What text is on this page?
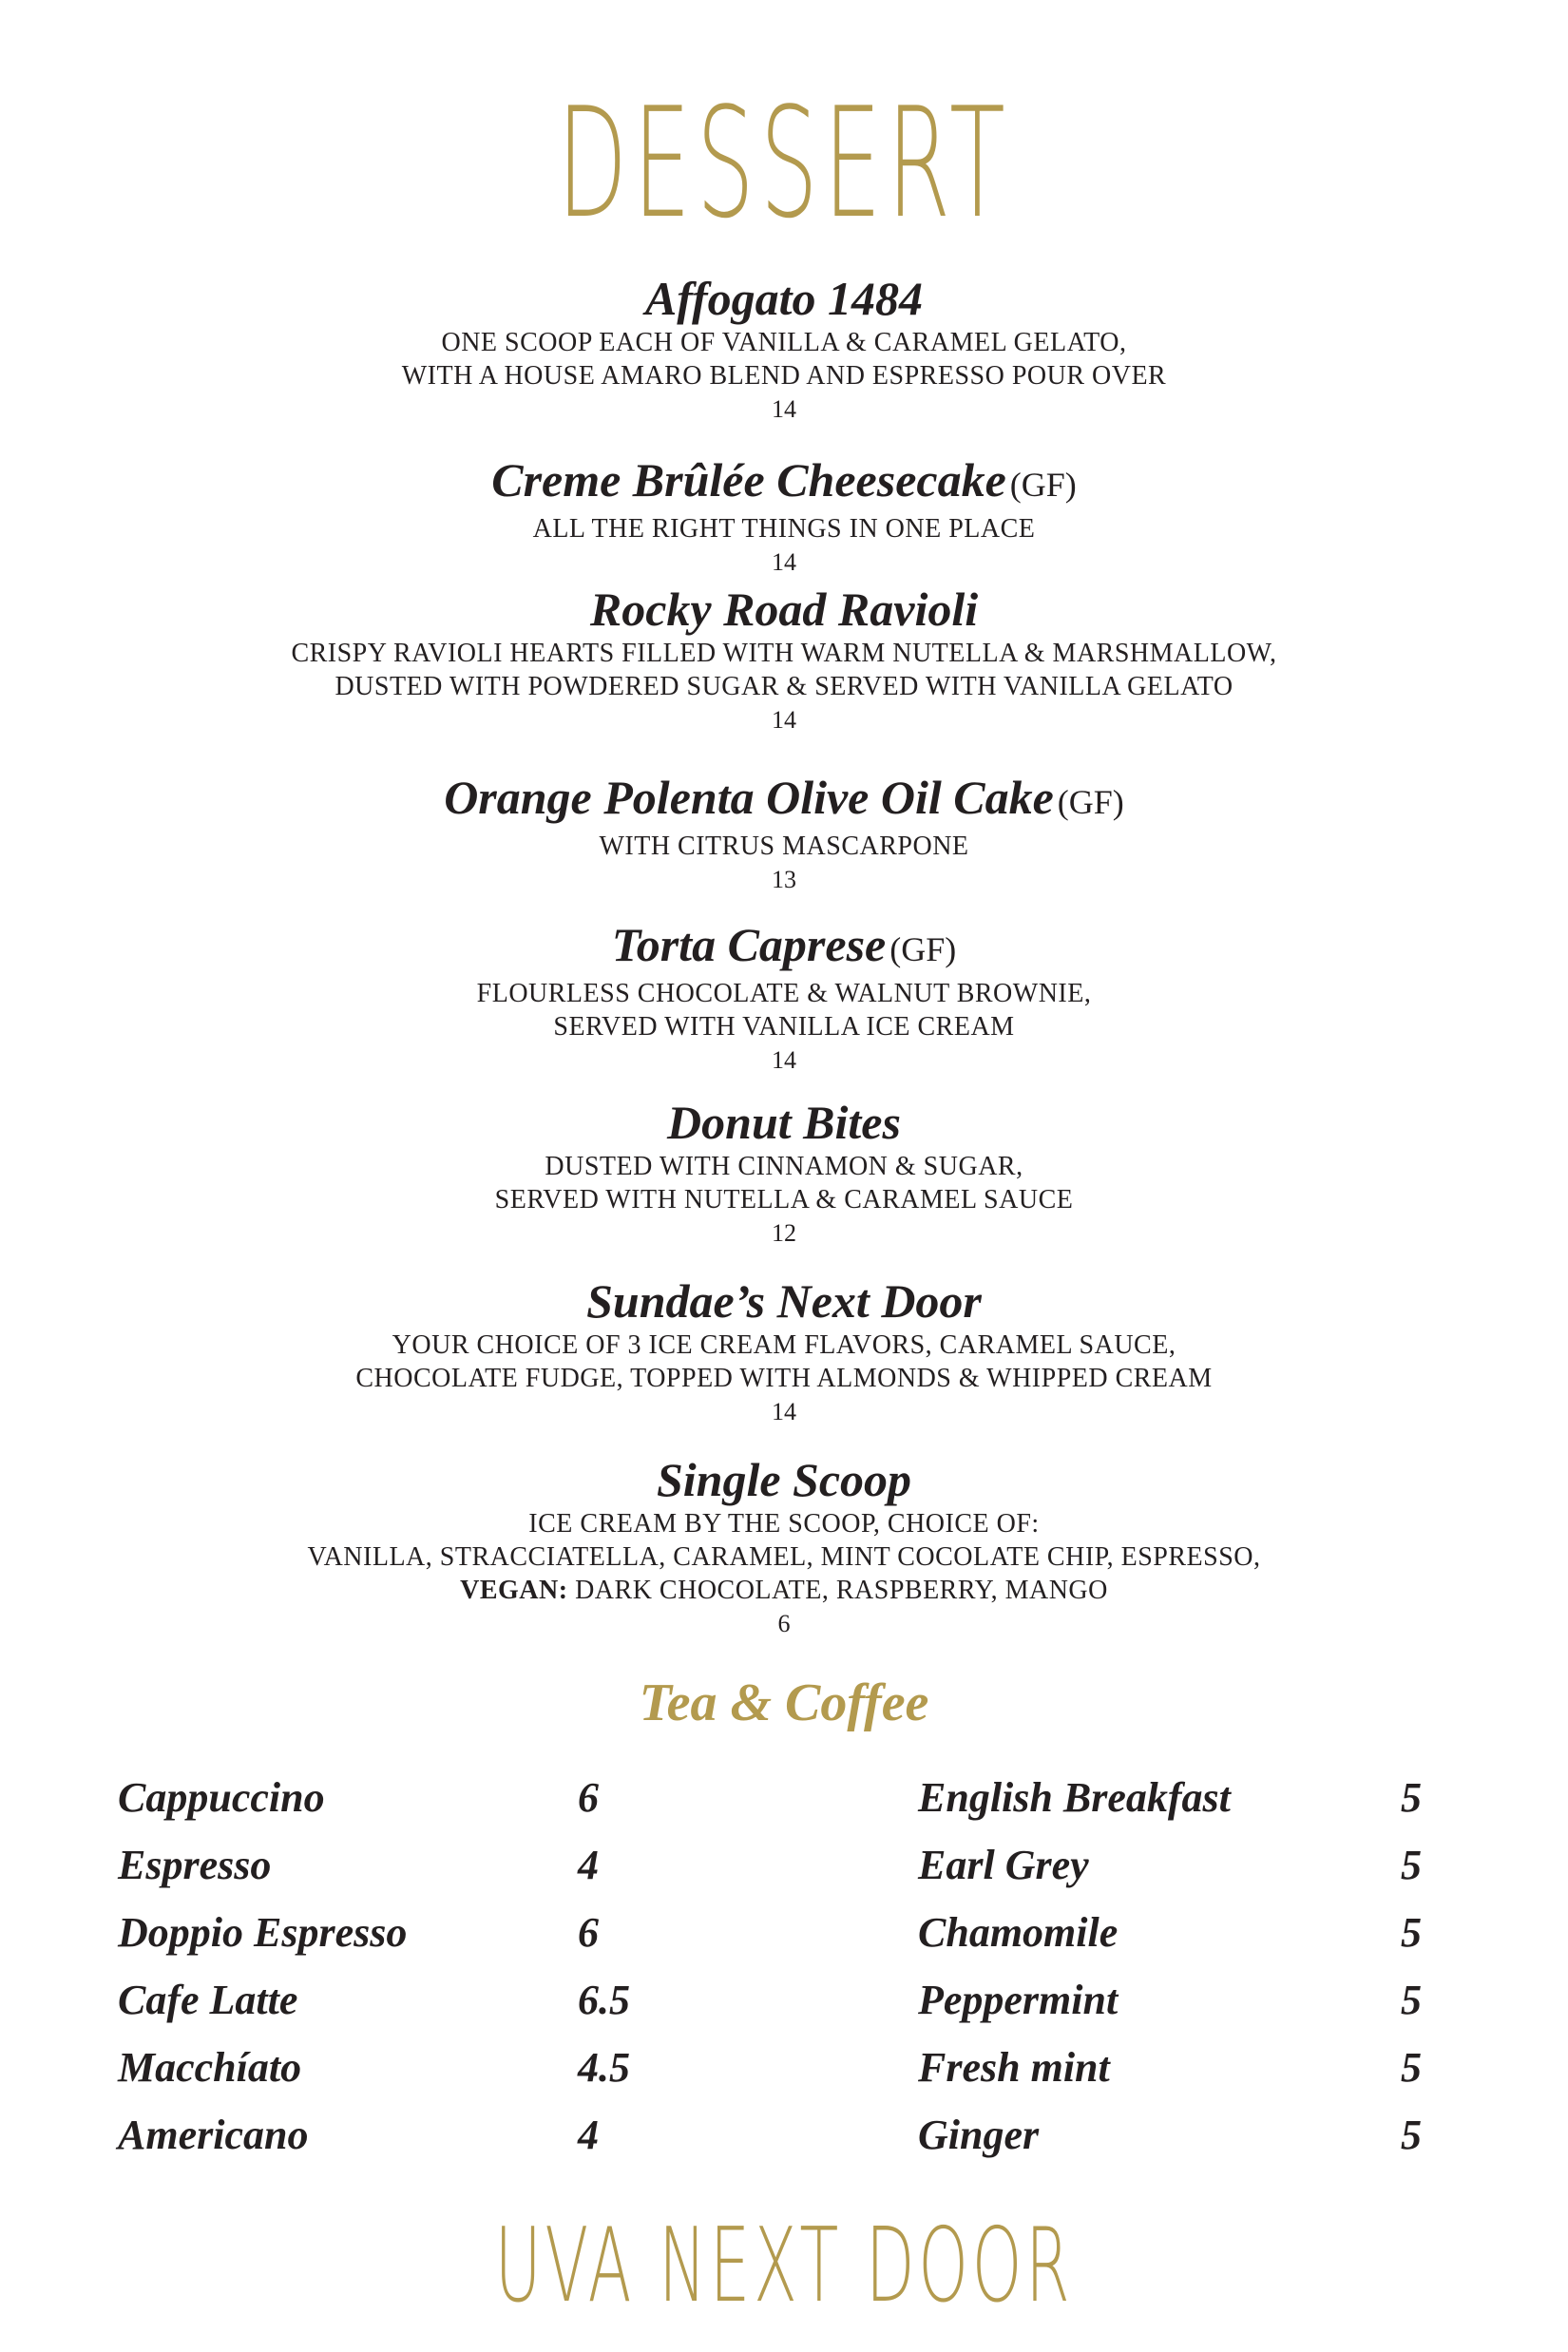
DESSERT
Affogato 1484
ONE SCOOP EACH OF VANILLA & CARAMEL GELATO,
WITH A HOUSE AMARO BLEND AND ESPRESSO POUR OVER
14
Creme Brûlée Cheesecake (GF)
ALL THE RIGHT THINGS IN ONE PLACE
14
Rocky Road Ravioli
CRISPY RAVIOLI HEARTS FILLED WITH WARM NUTELLA & MARSHMALLOW,
DUSTED WITH POWDERED SUGAR & SERVED WITH VANILLA GELATO
14
Orange Polenta Olive Oil Cake (GF)
WITH CITRUS MASCARPONE
13
Torta Caprese (GF)
FLOURLESS CHOCOLATE & WALNUT BROWNIE,
SERVED WITH VANILLA ICE CREAM
14
Donut Bites
DUSTED WITH CINNAMON & SUGAR,
SERVED WITH NUTELLA & CARAMEL SAUCE
12
Sundae’s Next Door
YOUR CHOICE OF 3 ICE CREAM FLAVORS, CARAMEL SAUCE,
CHOCOLATE FUDGE, TOPPED WITH ALMONDS & WHIPPED CREAM
14
Single Scoop
ICE CREAM BY THE SCOOP, CHOICE OF:
VANILLA, STRACCIATELLA, CARAMEL, MINT COCOLATE CHIP, ESPRESSO,
VEGAN: DARK CHOCOLATE, RASPBERRY, MANGO
6
Tea & Coffee
Cappuccino	6
Espresso	4
Doppio Espresso	6
Cafe Latte	6.5
Macchíato	4.5
Americano	4
English Breakfast	5
Earl Grey	5
Chamomile	5
Peppermint	5
Fresh mint	5
Ginger	5
UVA NEXT DOOR
